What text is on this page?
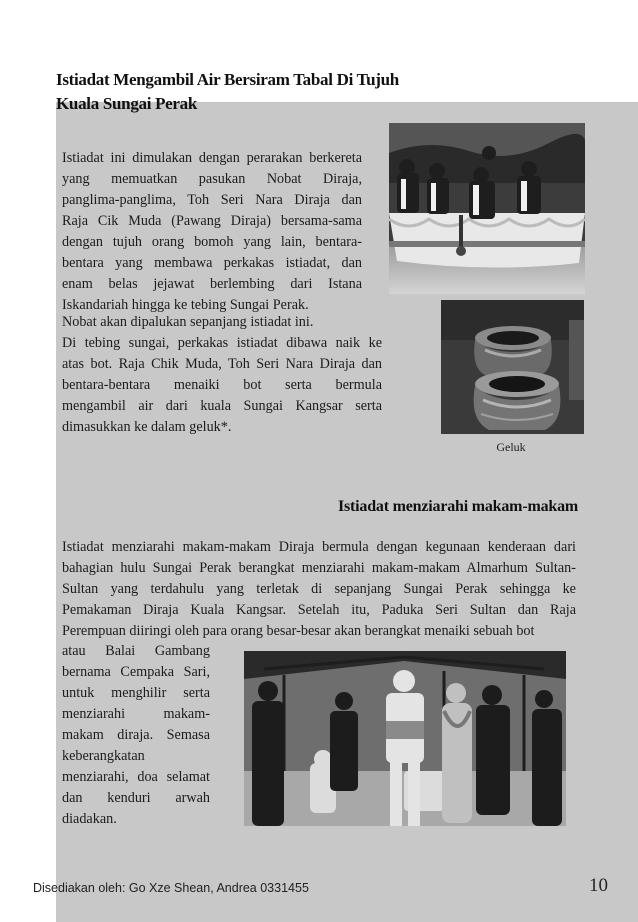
Istiadat Mengambil Air Bersiram Tabal Di Tujuh
Kuala Sungai Perak
Istiadat ini dimulakan dengan perarakan berkereta
yang memuatkan pasukan Nobat Diraja,
panglima-panglima, Toh Seri Nara Diraja dan
Raja Cik Muda (Pawang Diraja) bersama-sama
dengan tujuh orang bomoh yang lain, bentara-
bentara yang membawa perkakas istiadat, dan
enam belas jejawat berlembing dari Istana
Iskandariah hingga ke tebing Sungai Perak.
Nobat akan dipalukan sepanjang istiadat ini.
Di tebing sungai, perkakas istiadat dibawa naik ke
atas bot. Raja Chik Muda, Toh Seri Nara Diraja dan
bentara-bentara menaiki bot serta bermula
mengambil air dari kuala Sungai Kangsar serta
dimasukkan ke dalam geluk*.
Geluk
Istiadat menziarahi makam-makam
Istiadat menziarahi makam-makam Diraja bermula dengan kegunaan kenderaan dari
bahagian hulu Sungai Perak berangkat menziarahi makam-makam Almarhum Sultan-
Sultan yang terdahulu yang terletak di sepanjang Sungai Perak sehingga ke
Pemakaman Diraja Kuala Kangsar. Setelah itu, Paduka Seri Sultan dan Raja
Perempuan diiringi oleh para orang besar-besar akan berangkat menaiki sebuah bot
atau Balai Gambang
bernama Cempaka Sari,
untuk menghilir serta
menziarahi makam-
makam diraja. Semasa
keberangkatan
menziarahi, doa selamat
dan kenduri arwah
diadakan.
Disediakan oleh: Go Xze Shean, Andrea 0331455	10
